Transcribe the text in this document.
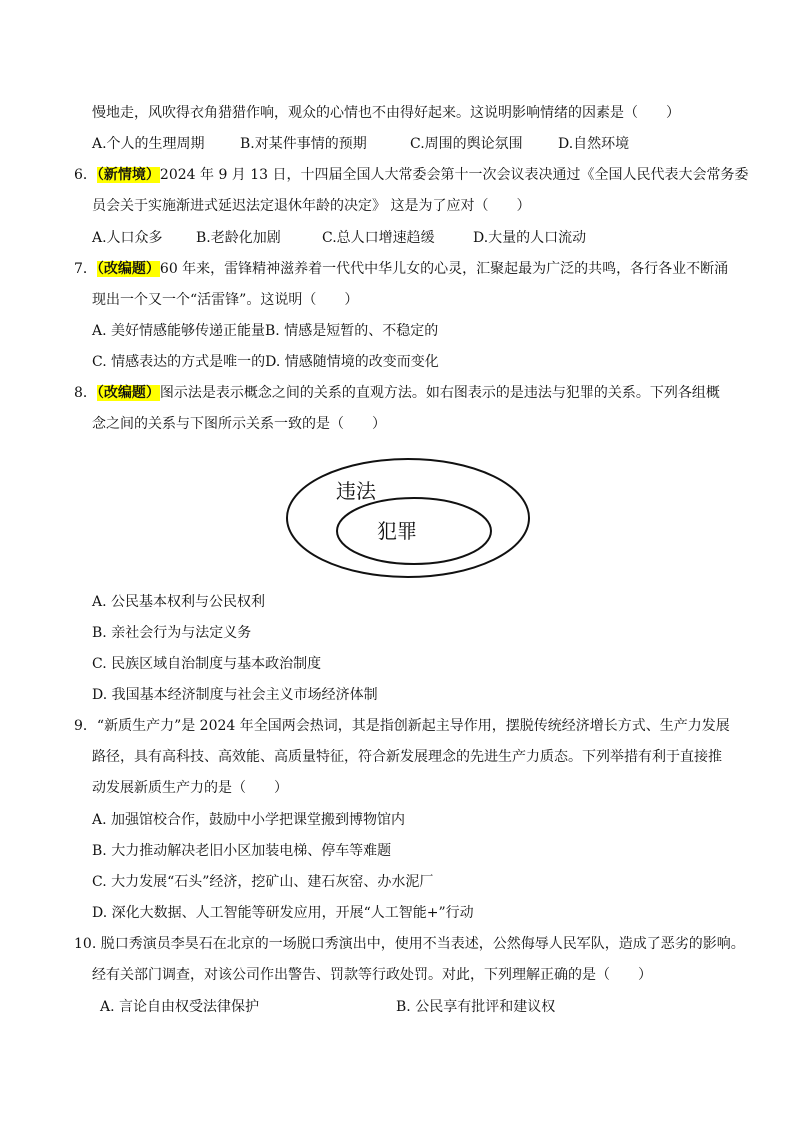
慢地走，风吹得衣角猎猎作响，观众的心情也不由得好起来。这说明影响情绪的因素是（　　）
A.个人的生理周期	B.对某件事情的预期	C.周围的舆论氛围	D.自然环境
6．（新情境）2024 年 9 月 13 日，十四届全国人大常委会第十一次会议表决通过《全国人民代表大会常务委
员会关于实施渐进式延迟法定退休年龄的决定》 这是为了应对（　　）
A.人口众多 B.老龄化加剧	C.总人口增速趋缓	D.大量的人口流动
7．（改编题）60 年来，雷锋精神滋养着一代代中华儿女的心灵，汇聚起最为广泛的共鸣，各行各业不断涌
现出一个又一个“活雷锋”。这说明（　　）
A. 美好情感能够传递正能量B. 情感是短暂的、不稳定的
C. 情感表达的方式是唯一的D. 情感随情境的改变而变化
8．（改编题）图示法是表示概念之间的关系的直观方法。如右图表示的是违法与犯罪的关系。下列各组概
念之间的关系与下图所示关系一致的是（　　）
违法
犯罪
A. 公民基本权利与公民权利
B. 亲社会行为与法定义务
C. 民族区域自治制度与基本政治制度
D. 我国基本经济制度与社会主义市场经济体制
9．“新质生产力”是 2024 年全国两会热词，其是指创新起主导作用，摆脱传统经济增长方式、生产力发展
路径，具有高科技、高效能、高质量特征，符合新发展理念的先进生产力质态。下列举措有利于直接推
动发展新质生产力的是（　　）
A. 加强馆校合作，鼓励中小学把课堂搬到博物馆内
B. 大力推动解决老旧小区加装电梯、停车等难题
C. 大力发展“石头”经济，挖矿山、建石灰窑、办水泥厂
D. 深化大数据、人工智能等研发应用，开展“人工智能+”行动
10. 脱口秀演员李昊石在北京的一场脱口秀演出中，使用不当表述，公然侮辱人民军队，造成了恶劣的影响。
经有关部门调查，对该公司作出警告、罚款等行政处罚。对此，下列理解正确的是（　　）
A. 言论自由权受法律保护	B. 公民享有批评和建议权
